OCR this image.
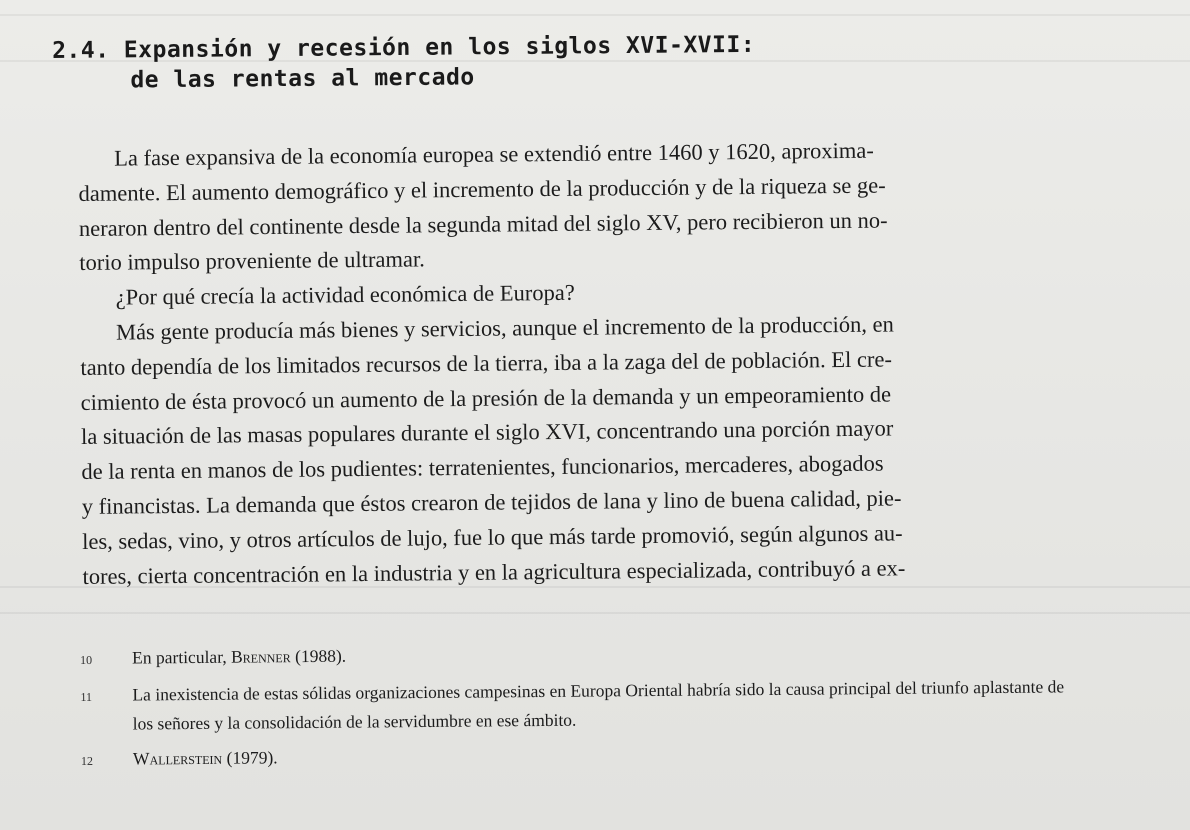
2.4. Expansión y recesión en los siglos XVI-XVII:
de las rentas al mercado

La fase expansiva de la economía europea se extendió entre 1460 y 1620, aproxima-
damente. El aumento demográfico y el incremento de la producción y de la riqueza se ge-
neraron dentro del continente desde la segunda mitad del siglo XV, pero recibieron un no-
torio impulso proveniente de ultramar.

¿Por qué crecía la actividad económica de Europa?

Más gente producía más bienes y servicios, aunque el incremento de la producción, en
tanto dependía de los limitados recursos de la tierra, iba a la zaga del de población. El cre-
cimiento de ésta provocó un aumento de la presión de la demanda y un empeoramiento de
la situación de las masas populares durante el siglo XVI, concentrando una porción mayor
de la renta en manos de los pudientes: terratenientes, funcionarios, mercaderes, abogados
y financistas. La demanda que éstos crearon de tejidos de lana y lino de buena calidad, pie-
les, sedas, vino, y otros artículos de lujo, fue lo que más tarde promovió, según algunos au-
tores, cierta concentración en la industria y en la agricultura especializada, contribuyó a ex-

10	En particular, Brenner (1988).
11	La inexistencia de estas sólidas organizaciones campesinas en Europa Oriental habría sido la causa principal del triunfo aplastante de los señores y la consolidación de la servidumbre en ese ámbito.
12	Wallerstein (1979).
